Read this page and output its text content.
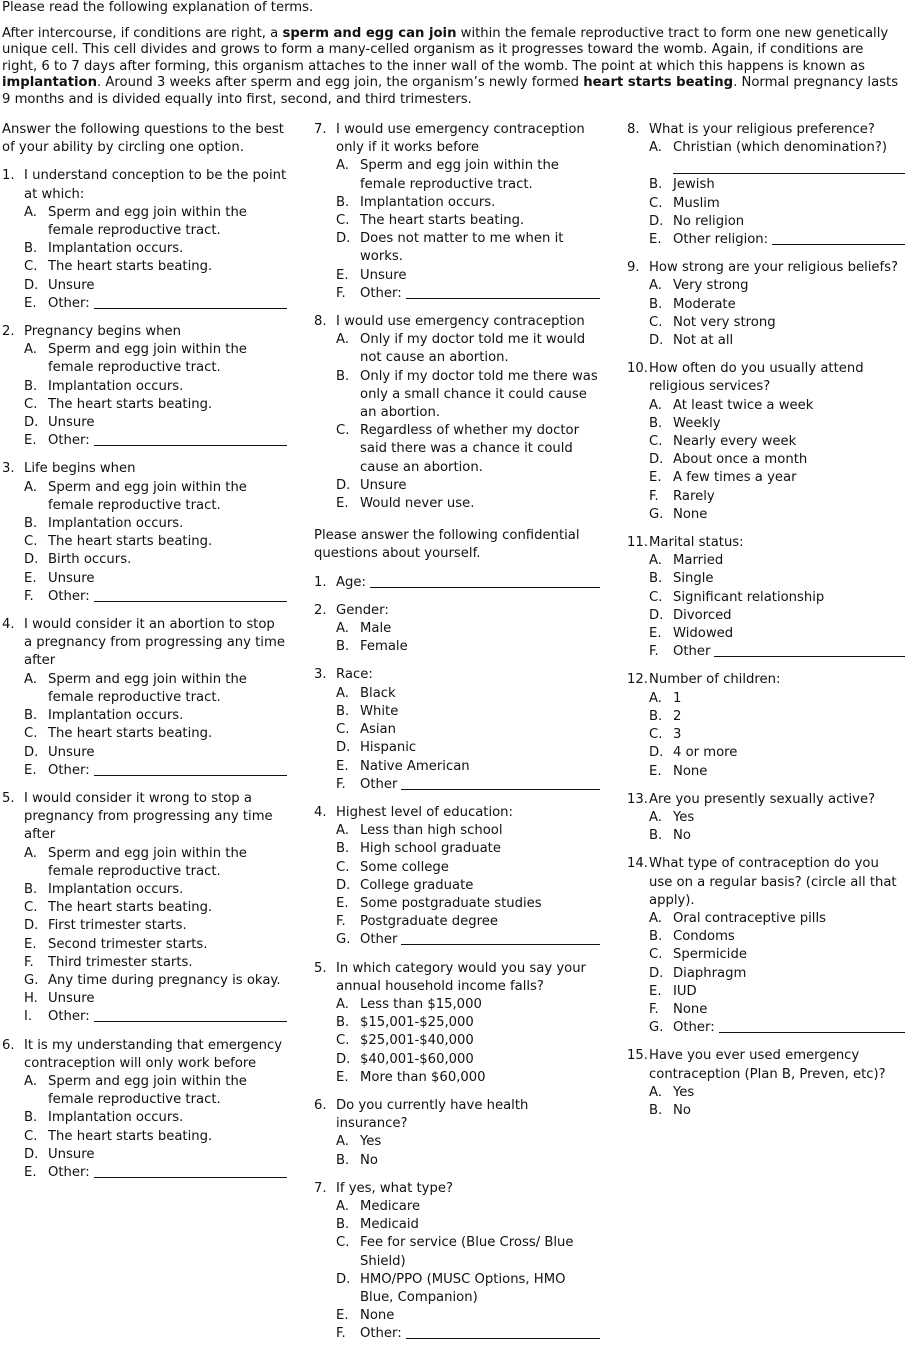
Please read the following explanation of terms.

After intercourse, if conditions are right, a sperm and egg can join within the female reproductive tract to form one new genetically unique cell. This cell divides and grows to form a many-celled organism as it progresses toward the womb. Again, if conditions are right, 6 to 7 days after forming, this organism attaches to the inner wall of the womb. The point at which this happens is known as implantation. Around 3 weeks after sperm and egg join, the organism’s newly formed heart starts beating. Normal pregnancy lasts 9 months and is divided equally into first, second, and third trimesters.

Answer the following questions to the best of your ability by circling one option.
1. I understand conception to be the point at which:
A. Sperm and egg join within the female reproductive tract.
B. Implantation occurs.
C. The heart starts beating.
D. Unsure
E. Other:
2. Pregnancy begins when
A. Sperm and egg join within the female reproductive tract.
B. Implantation occurs.
C. The heart starts beating.
D. Unsure
E. Other:
3. Life begins when
A. Sperm and egg join within the female reproductive tract.
B. Implantation occurs.
C. The heart starts beating.
D. Birth occurs.
E. Unsure
F.	Other:
4. I would consider it an abortion to stop a pregnancy from progressing any time after
A. Sperm and egg join within the female reproductive tract.
B. Implantation occurs.
C. The heart starts beating.
D. Unsure
E. Other:
5. I would consider it wrong to stop a pregnancy from progressing any time after
A. Sperm and egg join within the female reproductive tract.
B. Implantation occurs.
C. The heart starts beating.
D. First trimester starts.
E. Second trimester starts.
F.	Third trimester starts.
G. Any time during pregnancy is okay.
H. Unsure
I.	Other:
6. It is my understanding that emergency contraception will only work before
A. Sperm and egg join within the female reproductive tract.
B. Implantation occurs.
C. The heart starts beating.
D. Unsure
E. Other:
7. I would use emergency contraception only if it works before
A. Sperm and egg join within the female reproductive tract.
B. Implantation occurs.
C. The heart starts beating.
D. Does not matter to me when it works.
E. Unsure
F.	Other:
8. I would use emergency contraception
A. Only if my doctor told me it would not cause an abortion.
B. Only if my doctor told me there was only a small chance it could cause an abortion.
C. Regardless of whether my doctor said there was a chance it could cause an abortion.
D. Unsure
E. Would never use.
Please answer the following confidential questions about yourself.
1. Age:
2. Gender:
A. Male
B. Female
3. Race:
A. Black
B. White
C. Asian
D. Hispanic
E. Native American
F.	Other
4. Highest level of education:
A. Less than high school
B. High school graduate
C. Some college
D. College graduate
E. Some postgraduate studies
F.	Postgraduate degree
G. Other
5. In which category would you say your annual household income falls?
A. Less than $15,000
B. $15,001-$25,000
C. $25,001-$40,000
D. $40,001-$60,000
E. More than $60,000
6. Do you currently have health insurance?
A. Yes
B. No
7. If yes, what type?
A. Medicare
B. Medicaid
C. Fee for service (Blue Cross/ Blue Shield)
D. HMO/PPO (MUSC Options, HMO Blue, Companion)
E. None
F.	Other:
8. What is your religious preference?
A. Christian (which denomination?)
B. Jewish
C. Muslim
D. No religion
E. Other religion:
9. How strong are your religious beliefs?
A. Very strong
B. Moderate
C. Not very strong
D. Not at all
10. How often do you usually attend religious services?
A. At least twice a week
B. Weekly
C. Nearly every week
D. About once a month
E. A few times a year
F.	Rarely
G. None
11. Marital status:
A. Married
B. Single
C. Significant relationship
D. Divorced
E. Widowed
F.	Other
12. Number of children:
A. 1
B. 2
C. 3
D. 4 or more
E. None
13. Are you presently sexually active?
A. Yes
B. No
14. What type of contraception do you use on a regular basis? (circle all that apply).
A. Oral contraceptive pills
B. Condoms
C. Spermicide
D. Diaphragm
E. IUD
F.	None
G. Other:
15. Have you ever used emergency contraception (Plan B, Preven, etc)?
A. Yes
B. No
